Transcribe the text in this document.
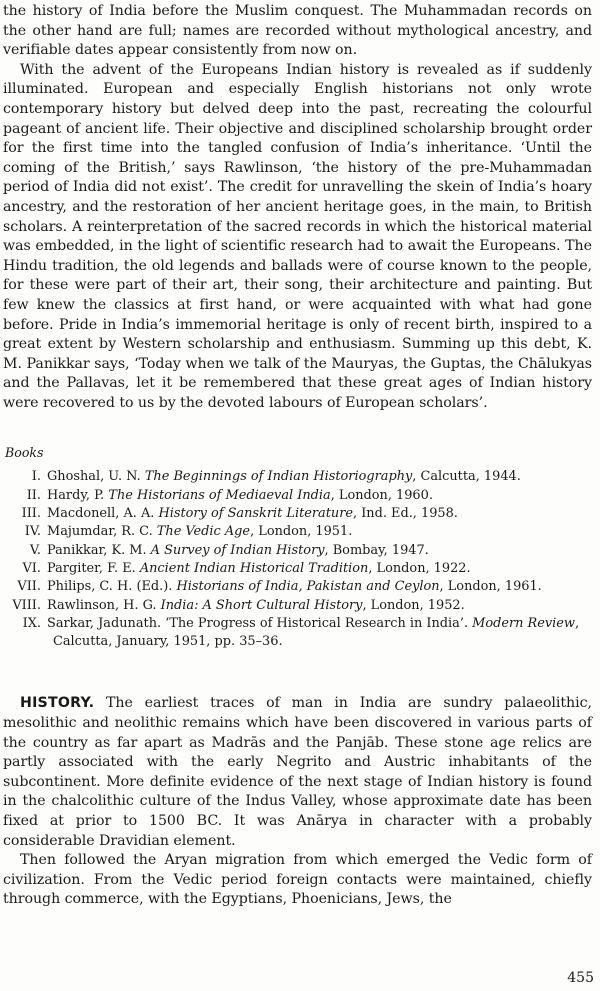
the history of India before the Muslim conquest. The Muhammadan records on the other hand are full; names are recorded without mythological ancestry, and verifiable dates appear consistently from now on.

With the advent of the Europeans Indian history is revealed as if suddenly illuminated. European and especially English historians not only wrote contemporary history but delved deep into the past, recreating the colourful pageant of ancient life. Their objective and disciplined scholarship brought order for the first time into the tangled confusion of India’s inheritance. ‘Until the coming of the British,’ says Rawlinson, ‘the history of the pre-Muhammadan period of India did not exist’. The credit for unravelling the skein of India’s hoary ancestry, and the restoration of her ancient heritage goes, in the main, to British scholars. A reinterpretation of the sacred records in which the historical material was embedded, in the light of scientific research had to await the Europeans. The Hindu tradition, the old legends and ballads were of course known to the people, for these were part of their art, their song, their architecture and painting. But few knew the classics at first hand, or were acquainted with what had gone before. Pride in India’s immemorial heritage is only of recent birth, inspired to a great extent by Western scholarship and enthusiasm. Summing up this debt, K. M. Panikkar says, ‘Today when we talk of the Mauryas, the Guptas, the Chālukyas and the Pallavas, let it be remembered that these great ages of Indian history were recovered to us by the devoted labours of European scholars’.

Books
I. Ghoshal, U. N. The Beginnings of Indian Historiography, Calcutta, 1944.
II. Hardy, P. The Historians of Mediaeval India, London, 1960.
III. Macdonell, A. A. History of Sanskrit Literature, Ind. Ed., 1958.
IV. Majumdar, R. C. The Vedic Age, London, 1951.
V. Panikkar, K. M. A Survey of Indian History, Bombay, 1947.
VI. Pargiter, F. E. Ancient Indian Historical Tradition, London, 1922.
VII. Philips, C. H. (Ed.). Historians of India, Pakistan and Ceylon, London, 1961.
VIII. Rawlinson, H. G. India: A Short Cultural History, London, 1952.
IX. Sarkar, Jadunath. ‘The Progress of Historical Research in India’. Modern Review, Calcutta, January, 1951, pp. 35–36.

HISTORY. The earliest traces of man in India are sundry palaeolithic, mesolithic and neolithic remains which have been discovered in various parts of the country as far apart as Madrās and the Panjāb. These stone age relics are partly associated with the early Negrito and Austric inhabitants of the subcontinent. More definite evidence of the next stage of Indian history is found in the chalcolithic culture of the Indus Valley, whose approximate date has been fixed at prior to 1500 BC. It was Anārya in character with a probably considerable Dravidian element.

Then followed the Aryan migration from which emerged the Vedic form of civilization. From the Vedic period foreign contacts were maintained, chiefly through commerce, with the Egyptians, Phoenicians, Jews, the

455
